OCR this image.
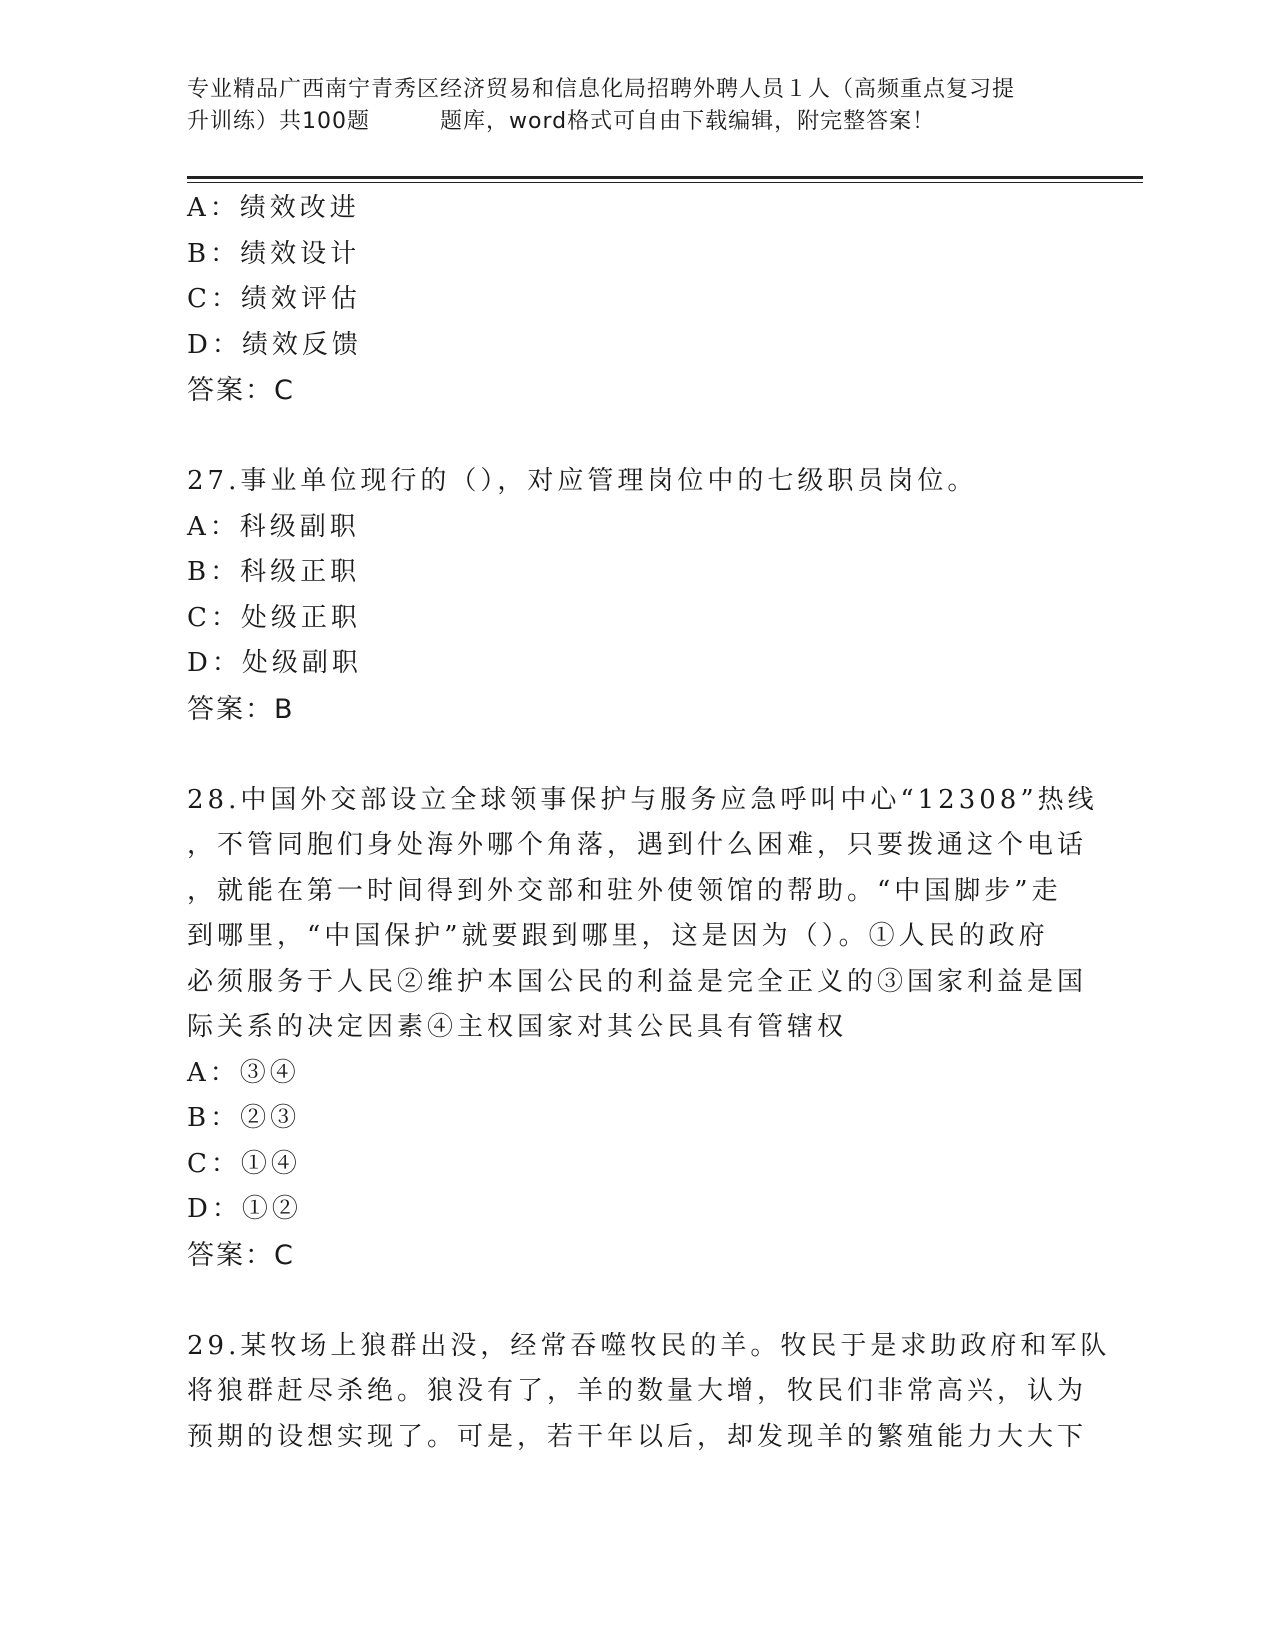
专业精品广西南宁青秀区经济贸易和信息化局招聘外聘人员１人（高频重点复习提
升训练）共100题	题库，word格式可自由下载编辑，附完整答案！
A：绩效改进
B：绩效设计
C：绩效评估
D：绩效反馈
答案：C
27.事业单位现行的（），对应管理岗位中的七级职员岗位。
A：科级副职
B：科级正职
C：处级正职
D：处级副职
答案：B
28.中国外交部设立全球领事保护与服务应急呼叫中心“12308”热线
，不管同胞们身处海外哪个角落，遇到什么困难，只要拨通这个电话
，就能在第一时间得到外交部和驻外使领馆的帮助。“中国脚步”走
到哪里，“中国保护”就要跟到哪里，这是因为（）。①人民的政府
必须服务于人民②维护本国公民的利益是完全正义的③国家利益是国
际关系的决定因素④主权国家对其公民具有管辖权
A：③④
B：②③
C：①④
D：①②
答案：C
29.某牧场上狼群出没，经常吞噬牧民的羊。牧民于是求助政府和军队
将狼群赶尽杀绝。狼没有了，羊的数量大增，牧民们非常高兴，认为
预期的设想实现了。可是，若干年以后，却发现羊的繁殖能力大大下
